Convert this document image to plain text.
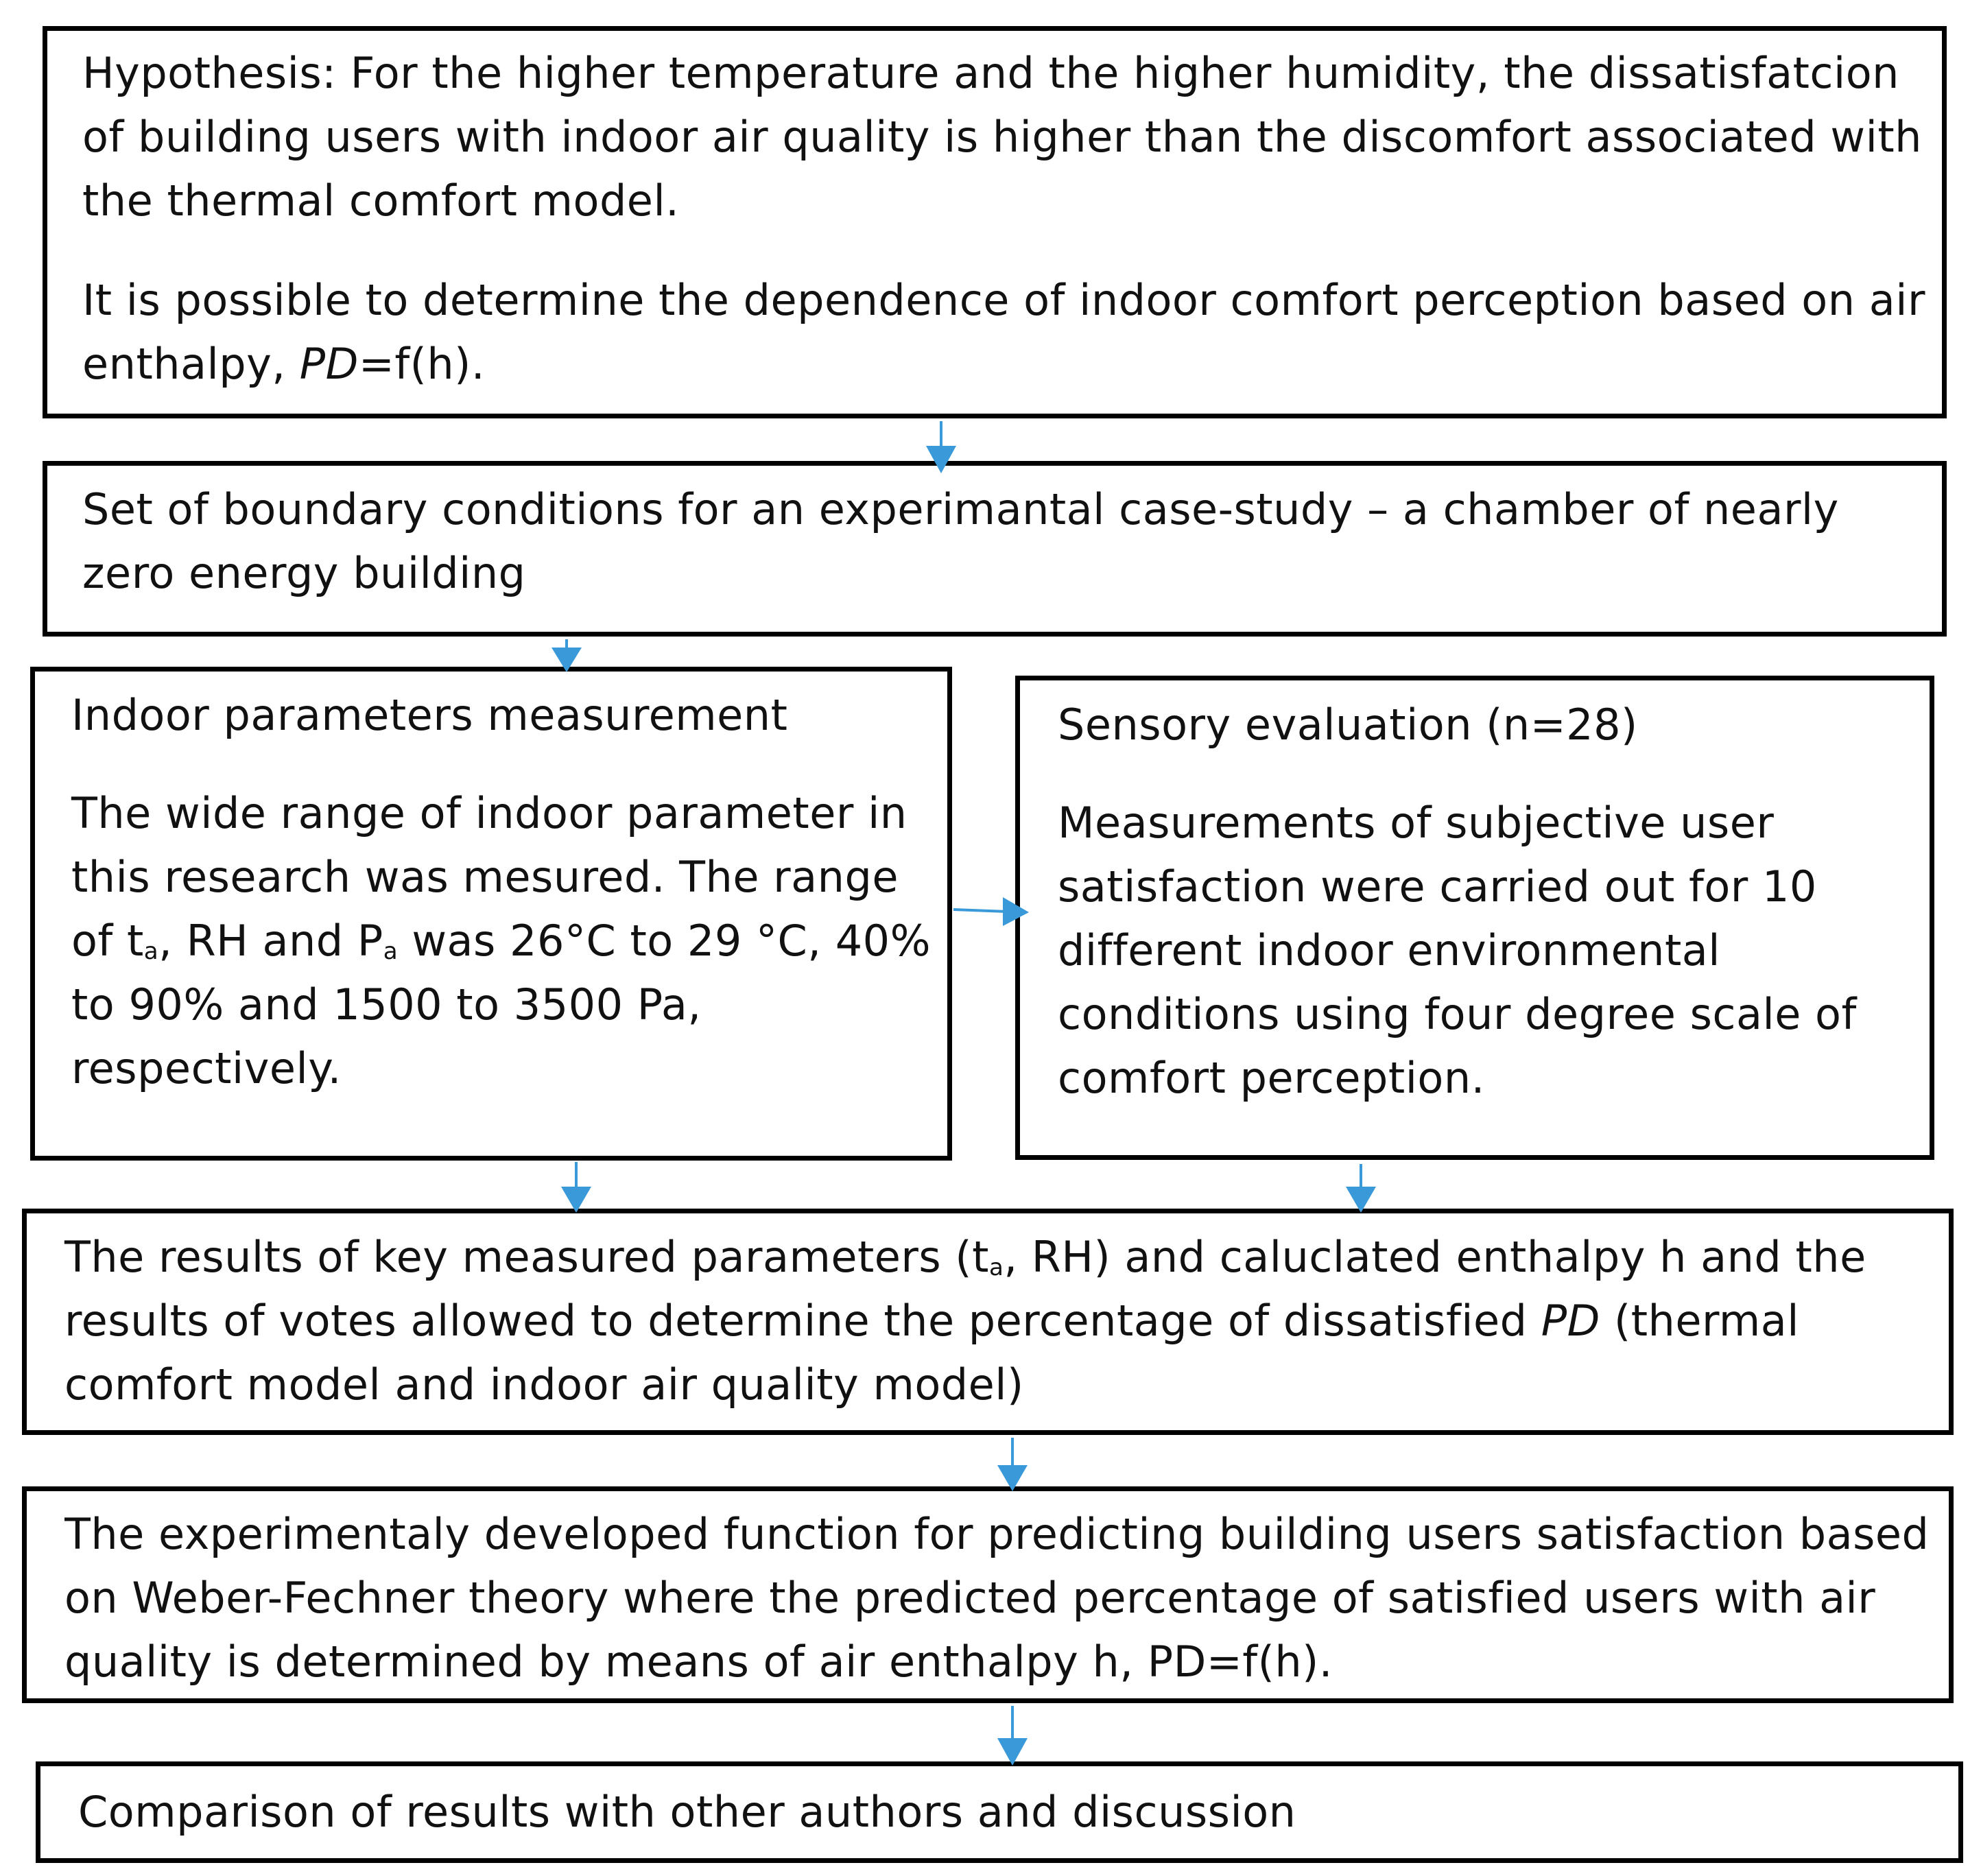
Hypothesis: For the higher temperature and the higher humidity, the dissatisfatcion of building users with indoor air quality is higher than the discomfort associated with the thermal comfort model.

It is possible to determine the dependence of indoor comfort perception based on air enthalpy, PD=f(h).

Set of boundary conditions for an experimantal case-study – a chamber of nearly zero energy building

Indoor parameters measurement

The wide range of indoor parameter in this research was mesured. The range of $t_a$, RH and $P_a$ was 26°C to 29 °C, 40% to 90% and 1500 to 3500 Pa, respectively.

Sensory evaluation (n=28)

Measurements of subjective user satisfaction were carried out for 10 different indoor environmental conditions using four degree scale of comfort perception.

The results of key measured parameters ($t_a$, RH) and caluclated enthalpy h and the results of votes allowed to determine the percentage of dissatisfied PD (thermal comfort model and indoor air quality model)

The experimentaly developed function for predicting building users satisfaction based on Weber-Fechner theory where the predicted percentage of satisfied users with air quality is determined by means of air enthalpy h, PD=f(h).
Comparison of results with other authors and discussion
